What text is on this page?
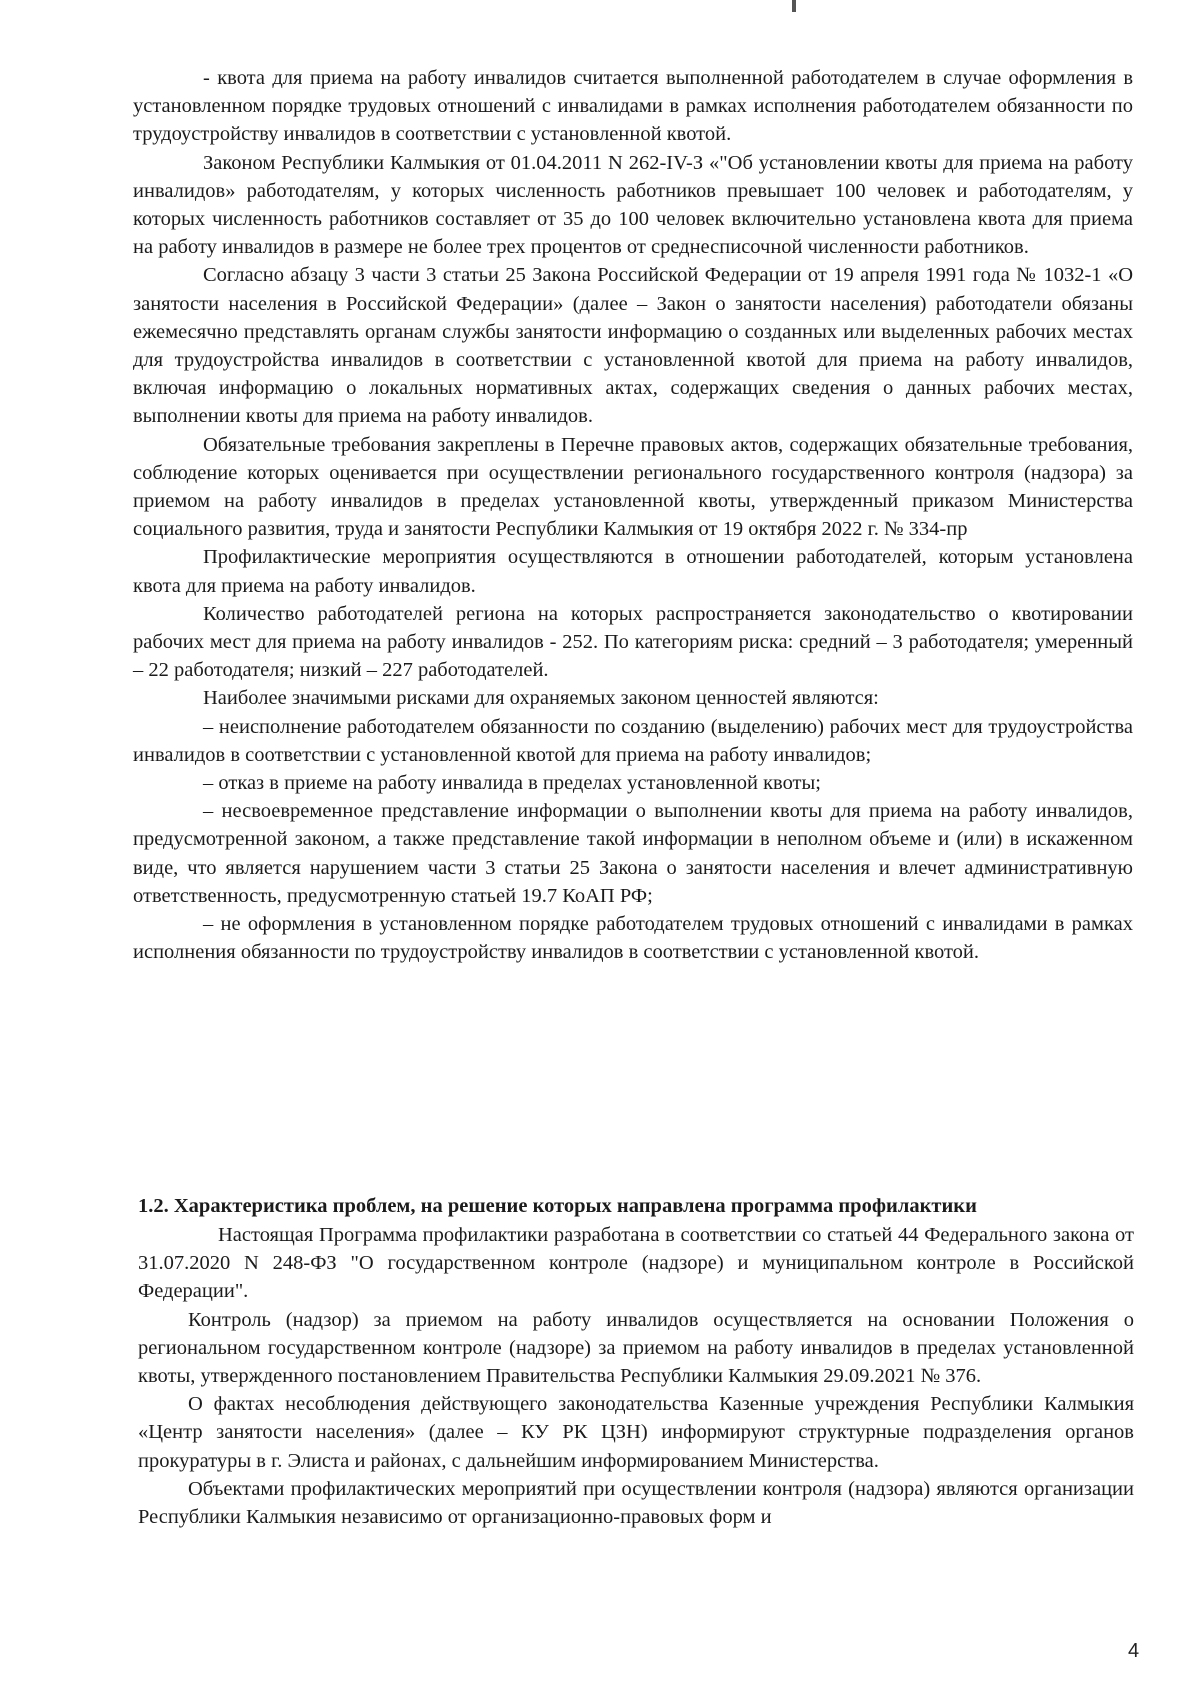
- квота для приема на работу инвалидов считается выполненной работодателем в случае оформления в установленном порядке трудовых отношений с инвалидами в рамках исполнения работодателем обязанности по трудоустройству инвалидов в соответствии с установленной квотой.

Законом Республики Калмыкия от 01.04.2011 N 262-IV-З «"Об установлении квоты для приема на работу инвалидов» работодателям, у которых численность работников превышает 100 человек и работодателям, у которых численность работников составляет от 35 до 100 человек включительно установлена квота для приема на работу инвалидов в размере не более трех процентов от среднесписочной численности работников.

Согласно абзацу 3 части 3 статьи 25 Закона Российской Федерации от 19 апреля 1991 года № 1032-1 «О занятости населения в Российской Федерации» (далее – Закон о занятости населения) работодатели обязаны ежемесячно представлять органам службы занятости информацию о созданных или выделенных рабочих местах для трудоустройства инвалидов в соответствии с установленной квотой для приема на работу инвалидов, включая информацию о локальных нормативных актах, содержащих сведения о данных рабочих местах, выполнении квоты для приема на работу инвалидов.

Обязательные требования закреплены в Перечне правовых актов, содержащих обязательные требования, соблюдение которых оценивается при осуществлении регионального государственного контроля (надзора) за приемом на работу инвалидов в пределах установленной квоты, утвержденный приказом Министерства социального развития, труда и занятости Республики Калмыкия от 19 октября 2022 г. № 334-пр

Профилактические мероприятия осуществляются в отношении работодателей, которым установлена квота для приема на работу инвалидов.

Количество работодателей региона на которых распространяется законодательство о квотировании рабочих мест для приема на работу инвалидов - 252. По категориям риска: средний – 3 работодателя; умеренный – 22 работодателя; низкий – 227 работодателей.

Наиболее значимыми рисками для охраняемых законом ценностей являются:

– неисполнение работодателем обязанности по созданию (выделению) рабочих мест для трудоустройства инвалидов в соответствии с установленной квотой для приема на работу инвалидов;

– отказ в приеме на работу инвалида в пределах установленной квоты;

– несвоевременное представление информации о выполнении квоты для приема на работу инвалидов, предусмотренной законом, а также представление такой информации в неполном объеме и (или) в искаженном виде, что является нарушением части 3 статьи 25 Закона о занятости населения и влечет административную ответственность, предусмотренную статьей 19.7 КоАП РФ;

– не оформления в установленном порядке работодателем трудовых отношений с инвалидами в рамках исполнения обязанности по трудоустройству инвалидов в соответствии с установленной квотой.

1.2. Характеристика проблем, на решение которых направлена программа профилактики

Настоящая Программа профилактики разработана в соответствии со статьей 44 Федерального закона от 31.07.2020 N 248-ФЗ "О государственном контроле (надзоре) и муниципальном контроле в Российской Федерации".

Контроль (надзор) за приемом на работу инвалидов осуществляется на основании Положения о региональном государственном контроле (надзоре) за приемом на работу инвалидов в пределах установленной квоты, утвержденного постановлением Правительства Республики Калмыкия 29.09.2021 № 376.

О фактах несоблюдения действующего законодательства Казенные учреждения Республики Калмыкия «Центр занятости населения» (далее – КУ РК ЦЗН) информируют структурные подразделения органов прокуратуры в г. Элиста и районах, с дальнейшим информированием Министерства.

Объектами профилактических мероприятий при осуществлении контроля (надзора) являются организации Республики Калмыкия независимо от организационно-правовых форм и

4
